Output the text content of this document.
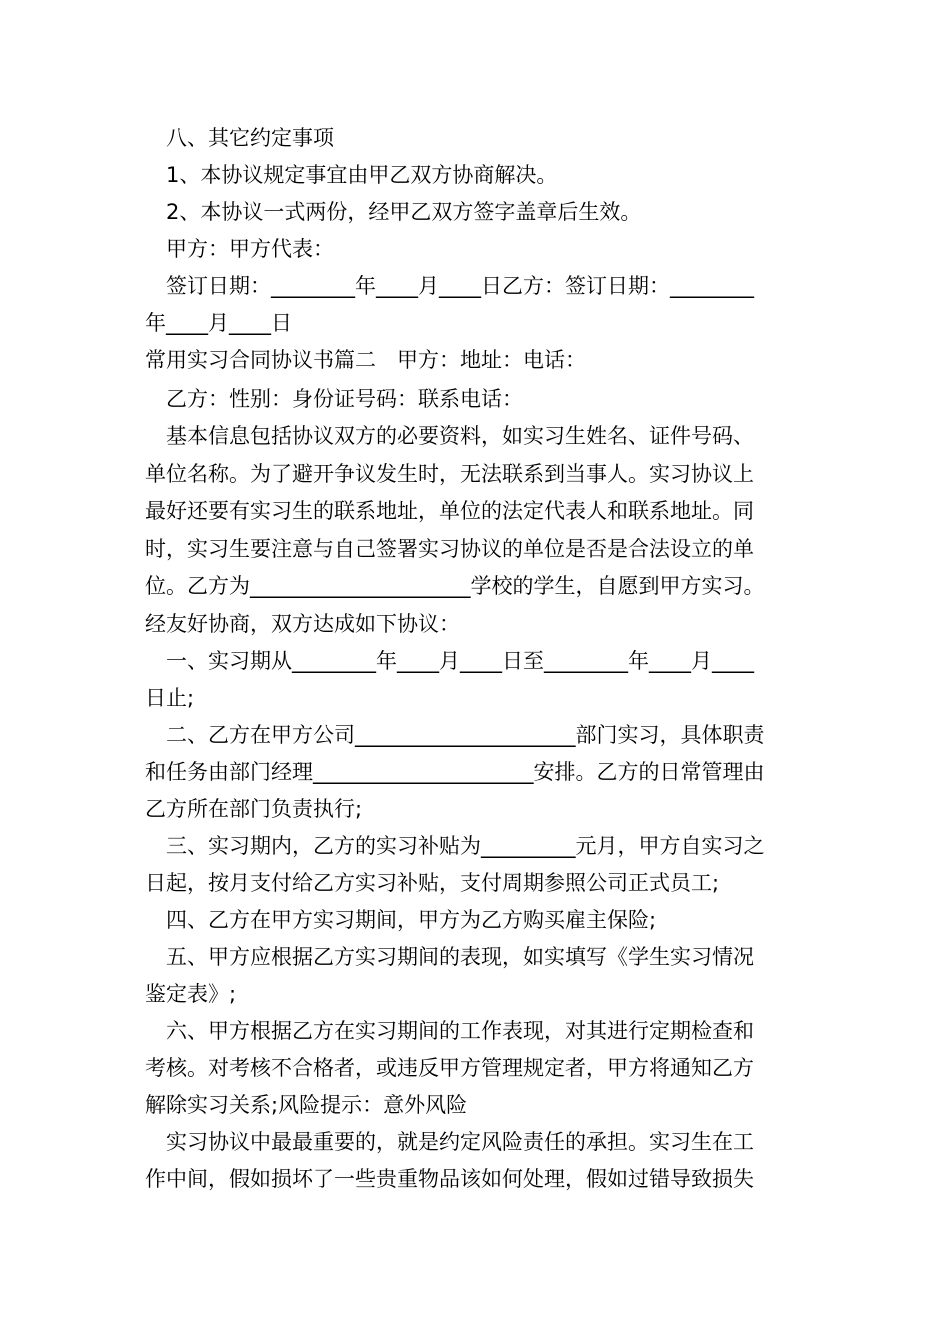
　八、其它约定事项
　1、本协议规定事宜由甲乙双方协商解决。
　2、本协议一式两份，经甲乙双方签字盖章后生效。
　甲方：甲方代表：
　签订日期：________年____月____日乙方：签订日期：________
年____月____日
常用实习合同协议书篇二　甲方：地址：电话：
　乙方：性别：身份证号码：联系电话：
　基本信息包括协议双方的必要资料，如实习生姓名、证件号码、
单位名称。为了避开争议发生时，无法联系到当事人。实习协议上
最好还要有实习生的联系地址，单位的法定代表人和联系地址。同
时，实习生要注意与自己签署实习协议的单位是否是合法设立的单
位。乙方为_____________________学校的学生，自愿到甲方实习。
经友好协商，双方达成如下协议：
　一、实习期从________年____月____日至________年____月____
日止;
　二、乙方在甲方公司_____________________部门实习，具体职责
和任务由部门经理_____________________安排。乙方的日常管理由
乙方所在部门负责执行;
　三、实习期内，乙方的实习补贴为_________元月，甲方自实习之
日起，按月支付给乙方实习补贴，支付周期参照公司正式员工;
　四、乙方在甲方实习期间，甲方为乙方购买雇主保险;
　五、甲方应根据乙方实习期间的表现，如实填写《学生实习情况
鉴定表》;
　六、甲方根据乙方在实习期间的工作表现，对其进行定期检查和
考核。对考核不合格者，或违反甲方管理规定者，甲方将通知乙方
解除实习关系;风险提示：意外风险
　实习协议中最最重要的，就是约定风险责任的承担。实习生在工
作中间，假如损坏了一些贵重物品该如何处理，假如过错导致损失
